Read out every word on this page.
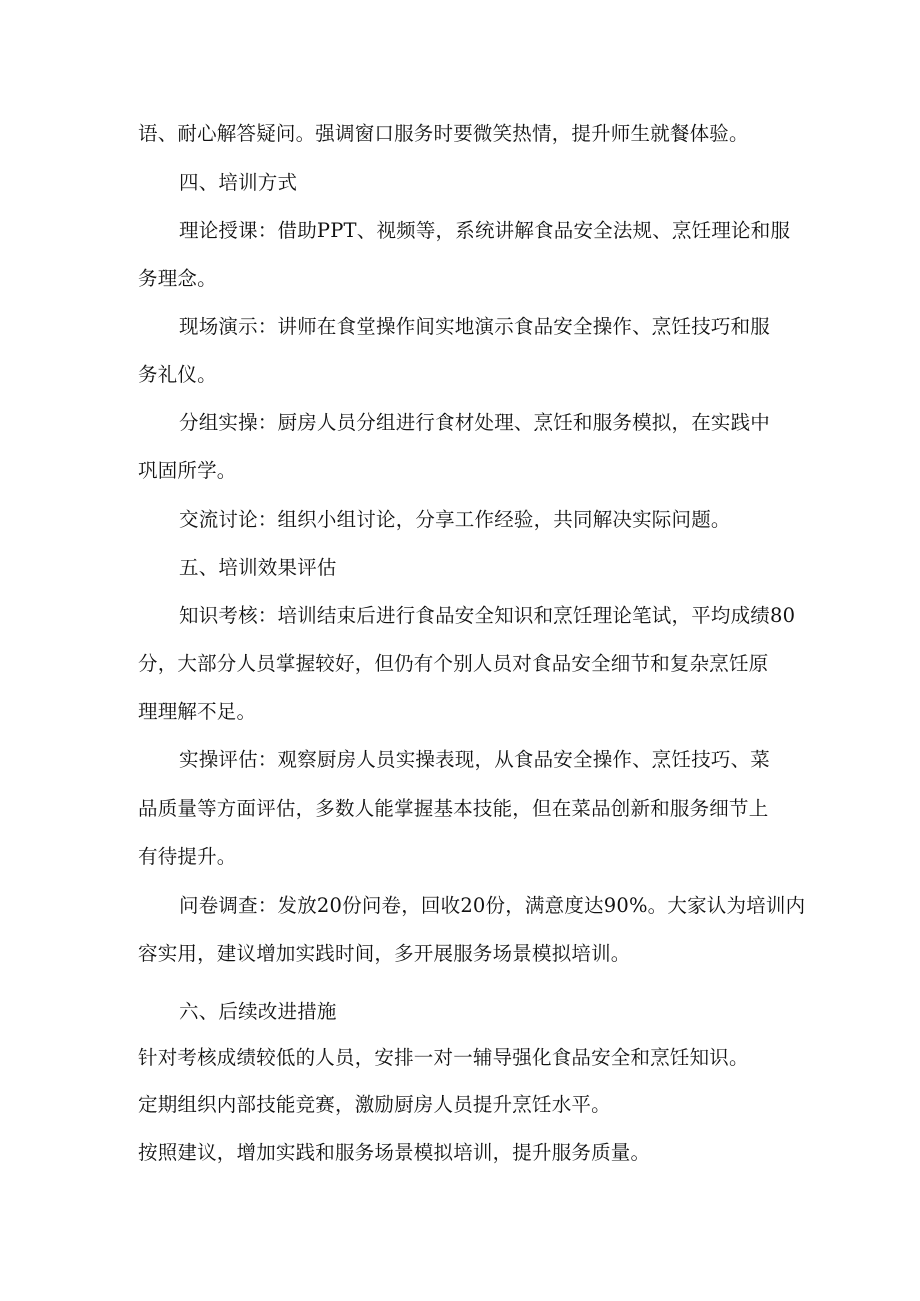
语、耐心解答疑问。强调窗口服务时要微笑热情，提升师生就餐体验。
四、培训方式
理论授课：借助PPT、视频等，系统讲解食品安全法规、烹饪理论和服
务理念。
现场演示：讲师在食堂操作间实地演示食品安全操作、烹饪技巧和服
务礼仪。
分组实操：厨房人员分组进行食材处理、烹饪和服务模拟，在实践中
巩固所学。
交流讨论：组织小组讨论，分享工作经验，共同解决实际问题。
五、培训效果评估
知识考核：培训结束后进行食品安全知识和烹饪理论笔试，平均成绩80
分，大部分人员掌握较好，但仍有个别人员对食品安全细节和复杂烹饪原
理理解不足。
实操评估：观察厨房人员实操表现，从食品安全操作、烹饪技巧、菜
品质量等方面评估，多数人能掌握基本技能，但在菜品创新和服务细节上
有待提升。
问卷调查：发放20份问卷，回收20份，满意度达90%。大家认为培训内
容实用，建议增加实践时间，多开展服务场景模拟培训。
六、后续改进措施
针对考核成绩较低的人员，安排一对一辅导强化食品安全和烹饪知识。
定期组织内部技能竞赛，激励厨房人员提升烹饪水平。
按照建议，增加实践和服务场景模拟培训，提升服务质量。
